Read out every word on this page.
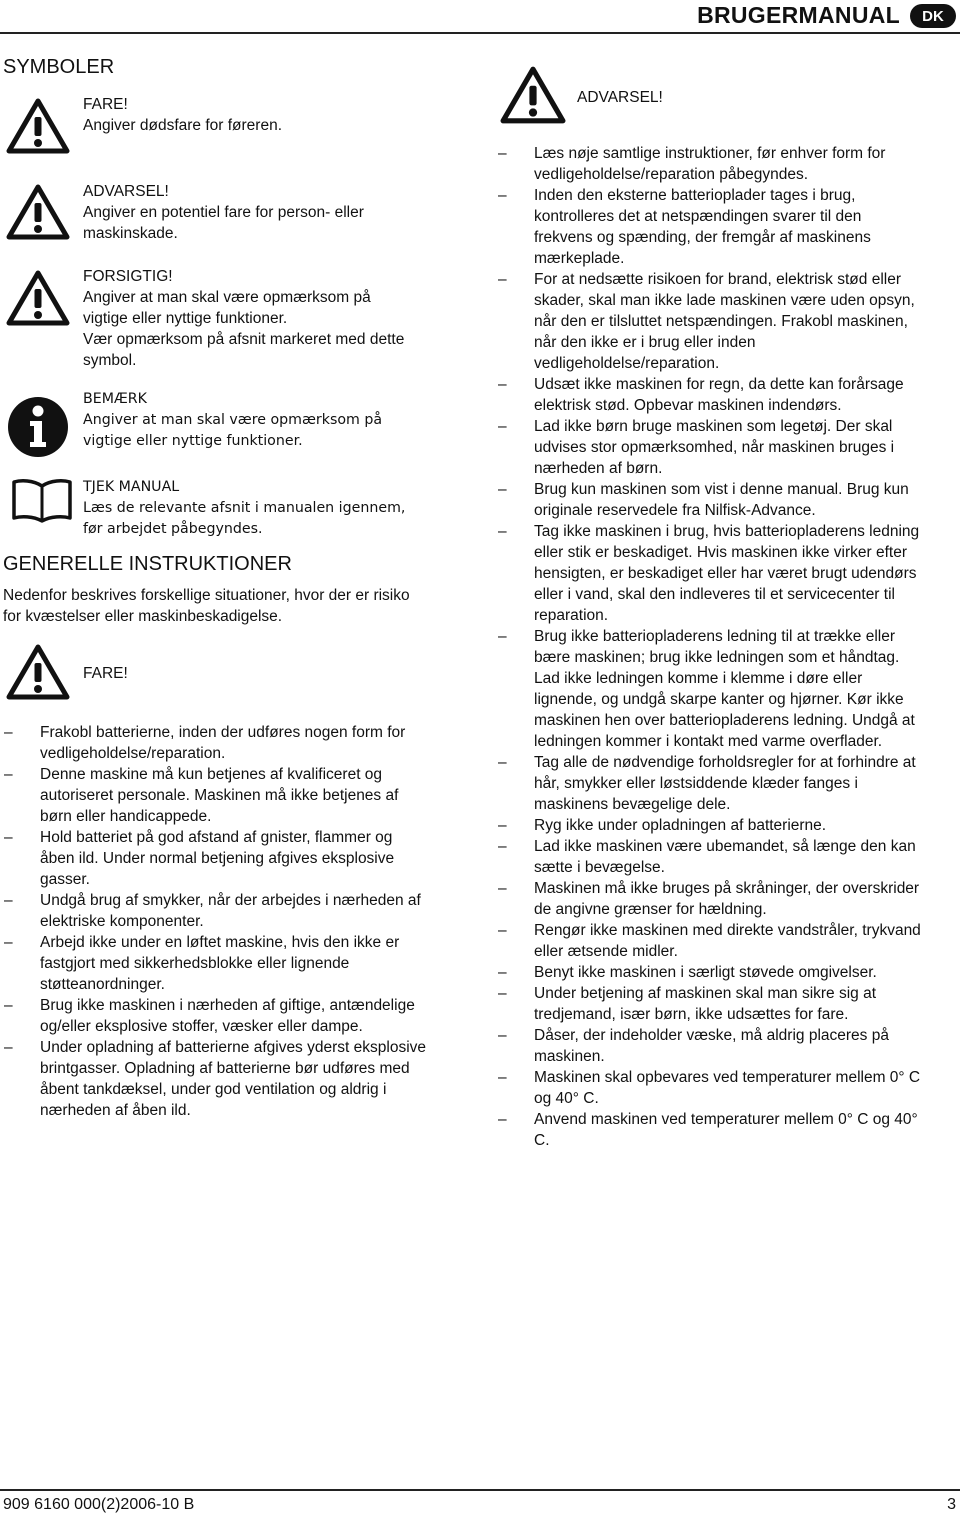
BRUGERMANUAL	DK
SYMBOLER
FARE!
Angiver dødsfare for føreren.
ADVARSEL!
Angiver en potentiel fare for person- eller
maskinskade.
FORSIGTIG!
Angiver at man skal være opmærksom på
vigtige eller nyttige funktioner.
Vær opmærksom på afsnit markeret med dette
symbol.
BEMÆRK
Angiver at man skal være opmærksom på
vigtige eller nyttige funktioner.
TJEK MANUAL
Læs de relevante afsnit i manualen igennem,
før arbejdet påbegyndes.
GENERELLE INSTRUKTIONER
Nedenfor beskrives forskellige situationer, hvor der er risiko
for kvæstelser eller maskinbeskadigelse.
FARE!
– Frakobl batterierne, inden der udføres nogen form for
vedligeholdelse/reparation.
– Denne maskine må kun betjenes af kvalificeret og
autoriseret personale. Maskinen må ikke betjenes af
børn eller handicappede.
– Hold batteriet på god afstand af gnister, flammer og
åben ild. Under normal betjening afgives eksplosive
gasser.
– Undgå brug af smykker, når der arbejdes i nærheden af
elektriske komponenter.
– Arbejd ikke under en løftet maskine, hvis den ikke er
fastgjort med sikkerhedsblokke eller lignende
støtteanordninger.
– Brug ikke maskinen i nærheden af giftige, antændelige
og/eller eksplosive stoffer, væsker eller dampe.
– Under opladning af batterierne afgives yderst eksplosive
brintgasser. Opladning af batterierne bør udføres med
åbent tankdæksel, under god ventilation og aldrig i
nærheden af åben ild.
ADVARSEL!
– Læs nøje samtlige instruktioner, før enhver form for
vedligeholdelse/reparation påbegyndes.
– Inden den eksterne batterioplader tages i brug,
kontrolleres det at netspændingen svarer til den
frekvens og spænding, der fremgår af maskinens
mærkeplade.
– For at nedsætte risikoen for brand, elektrisk stød eller
skader, skal man ikke lade maskinen være uden opsyn,
når den er tilsluttet netspændingen. Frakobl maskinen,
når den ikke er i brug eller inden
vedligeholdelse/reparation.
– Udsæt ikke maskinen for regn, da dette kan forårsage
elektrisk stød. Opbevar maskinen indendørs.
– Lad ikke børn bruge maskinen som legetøj. Der skal
udvises stor opmærksomhed, når maskinen bruges i
nærheden af børn.
– Brug kun maskinen som vist i denne manual. Brug kun
originale reservedele fra Nilfisk-Advance.
– Tag ikke maskinen i brug, hvis batteriopladerens ledning
eller stik er beskadiget. Hvis maskinen ikke virker efter
hensigten, er beskadiget eller har været brugt udendørs
eller i vand, skal den indleveres til et servicecenter til
reparation.
– Brug ikke batteriopladerens ledning til at trække eller
bære maskinen; brug ikke ledningen som et håndtag.
Lad ikke ledningen komme i klemme i døre eller
lignende, og undgå skarpe kanter og hjørner. Kør ikke
maskinen hen over batteriopladerens ledning. Undgå at
ledningen kommer i kontakt med varme overflader.
– Tag alle de nødvendige forholdsregler for at forhindre at
hår, smykker eller løstsiddende klæder fanges i
maskinens bevægelige dele.
– Ryg ikke under opladningen af batterierne.
– Lad ikke maskinen være ubemandet, så længe den kan
sætte i bevægelse.
– Maskinen må ikke bruges på skråninger, der overskrider
de angivne grænser for hældning.
– Rengør ikke maskinen med direkte vandstråler, trykvand
eller ætsende midler.
– Benyt ikke maskinen i særligt støvede omgivelser.
– Under betjening af maskinen skal man sikre sig at
tredjemand, især børn, ikke udsættes for fare.
– Dåser, der indeholder væske, må aldrig placeres på
maskinen.
– Maskinen skal opbevares ved temperaturer mellem 0° C
og 40° C.
– Anvend maskinen ved temperaturer mellem 0° C og 40°
C.
909 6160 000(2)2006-10 B	3
